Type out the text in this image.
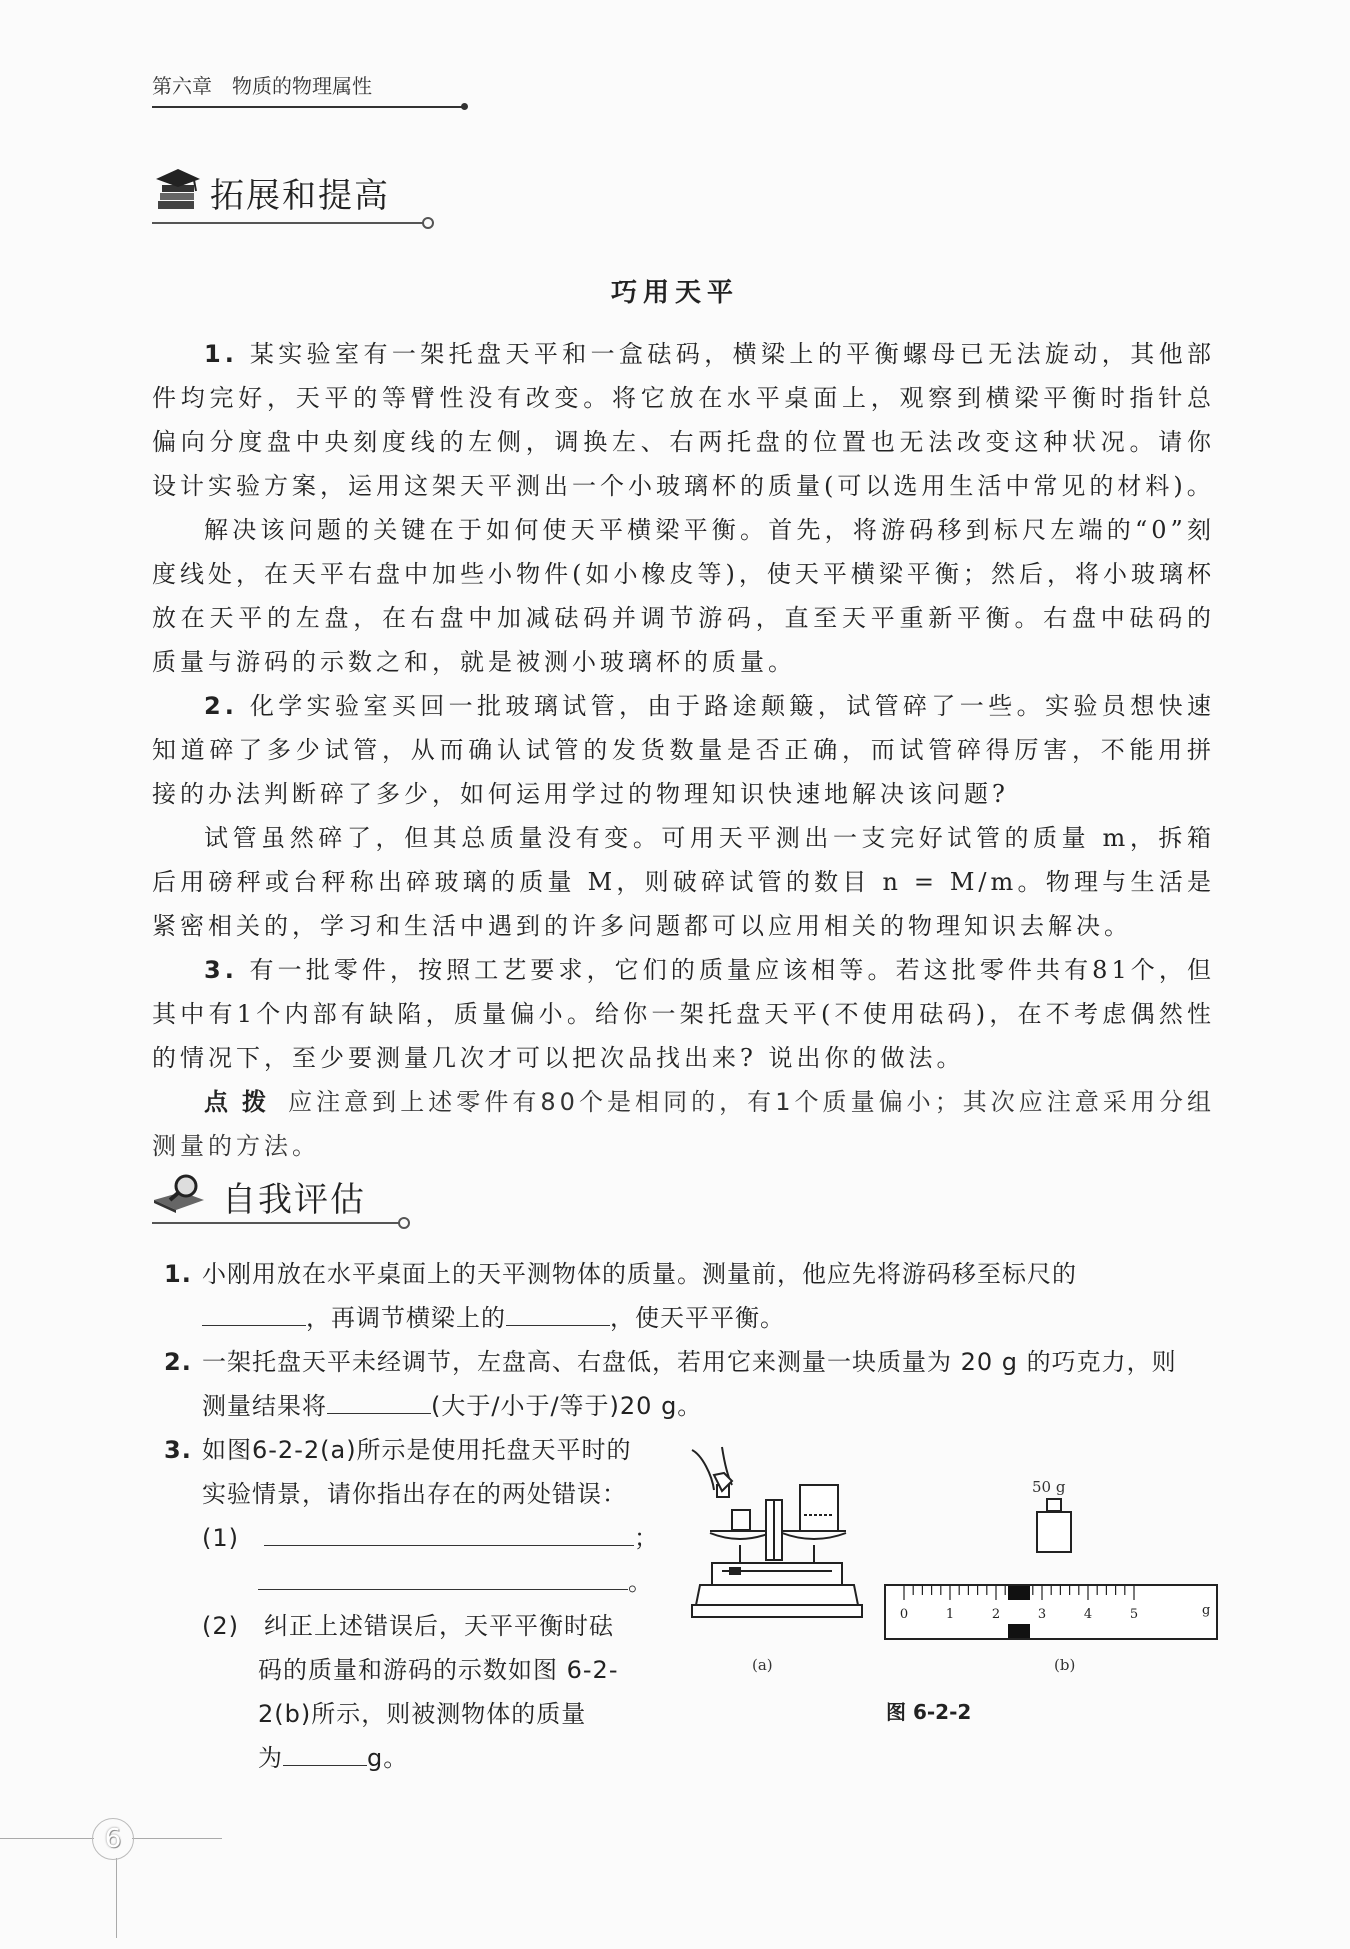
第六章　物质的物理属性
拓展和提高
巧用天平
1. 某实验室有一架托盘天平和一盒砝码，横梁上的平衡螺母已无法旋动，其他部件均完好，天平的等臂性没有改变。将它放在水平桌面上，观察到横梁平衡时指针总偏向分度盘中央刻度线的左侧，调换左、右两托盘的位置也无法改变这种状况。请你设计实验方案，运用这架天平测出一个小玻璃杯的质量(可以选用生活中常见的材料)。
解决该问题的关键在于如何使天平横梁平衡。首先，将游码移到标尺左端的“0”刻度线处，在天平右盘中加些小物件(如小橡皮等)，使天平横梁平衡；然后，将小玻璃杯放在天平的左盘，在右盘中加减砝码并调节游码，直至天平重新平衡。右盘中砝码的质量与游码的示数之和，就是被测小玻璃杯的质量。
2. 化学实验室买回一批玻璃试管，由于路途颠簸，试管碎了一些。实验员想快速知道碎了多少试管，从而确认试管的发货数量是否正确，而试管碎得厉害，不能用拼接的办法判断碎了多少，如何运用学过的物理知识快速地解决该问题?
试管虽然碎了，但其总质量没有变。可用天平测出一支完好试管的质量 m，拆箱后用磅秤或台秤称出碎玻璃的质量 M，则破碎试管的数目 n = M/m。物理与生活是紧密相关的，学习和生活中遇到的许多问题都可以应用相关的物理知识去解决。
3. 有一批零件，按照工艺要求，它们的质量应该相等。若这批零件共有81个，但其中有1个内部有缺陷，质量偏小。给你一架托盘天平(不使用砝码)，在不考虑偶然性的情况下，至少要测量几次才可以把次品找出来? 说出你的做法。
点拨 应注意到上述零件有80个是相同的，有1个质量偏小；其次应注意采用分组测量的方法。
自我评估
1. 小刚用放在水平桌面上的天平测物体的质量。测量前，他应先将游码移至标尺的
，再调节横梁上的	，使天平平衡。
2. 一架托盘天平未经调节，左盘高、右盘低，若用它来测量一块质量为 20 g 的巧克力，则
测量结果将	(大于/小于/等于)20 g。
3. 如图6-2-2(a)所示是使用托盘天平时的
实验情景，请你指出存在的两处错误：
(1)　	；
。
(2)　 纠正上述错误后，天平平衡时砝
码的质量和游码的示数如图 6-2-
2(b)所示，则被测物体的质量
为	g。
(a)
50 g
0	1	2	3	4	5	g
(b)
图 6-2-2
6
